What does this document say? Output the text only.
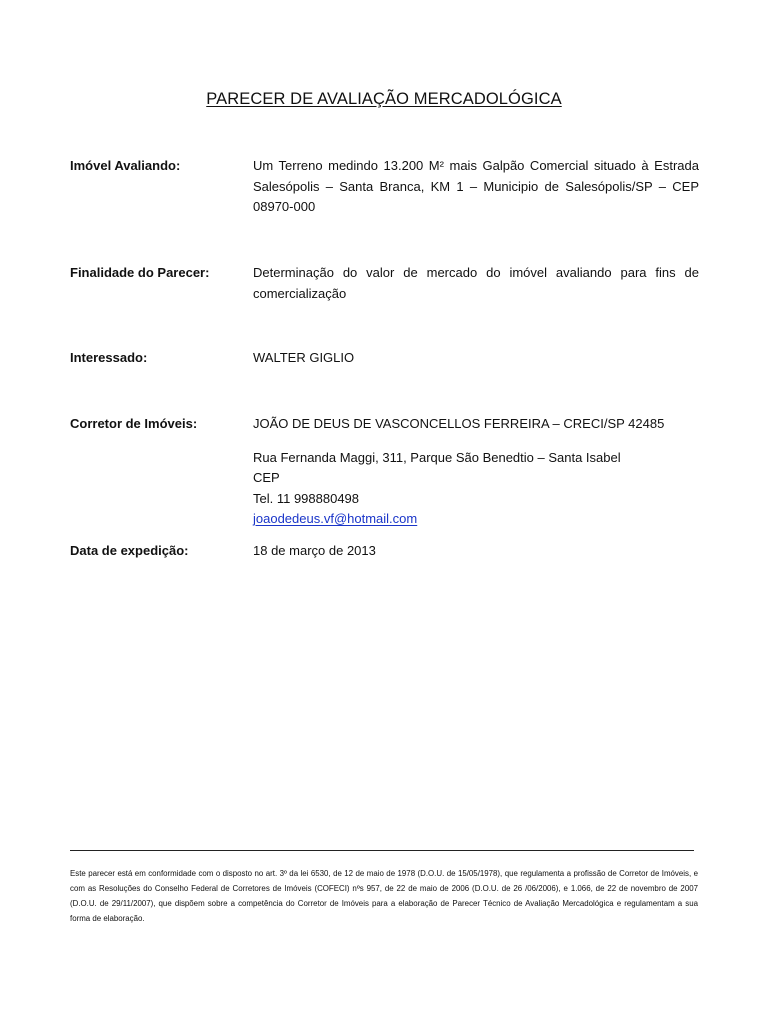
PARECER DE AVALIAÇÃO MERCADOLÓGICA
Imóvel Avaliando:	Um Terreno medindo 13.200 M² mais Galpão Comercial situado à Estrada Salesópolis – Santa Branca, KM 1 – Municipio de Salesópolis/SP – CEP 08970-000
Finalidade do Parecer:	Determinação do valor de mercado do imóvel avaliando para fins de comercialização
Interessado:	WALTER GIGLIO
Corretor de Imóveis:	JOÃO DE DEUS DE VASCONCELLOS FERREIRA – CRECI/SP 42485
Rua Fernanda Maggi, 311, Parque São Benedtio – Santa Isabel
CEP
Tel. 11 998880498
joaodedeus.vf@hotmail.com
Data de expedição:	18 de março de 2013
Este parecer está em conformidade com o disposto no art. 3º da lei 6530, de 12 de maio de 1978 (D.O.U. de 15/05/1978), que regulamenta a profissão de Corretor de Imóveis, e com as Resoluções do Conselho Federal de Corretores de Imóveis (COFECI) nºs 957, de 22 de maio de 2006 (D.O.U. de 26 /06/2006), e 1.066, de 22 de novembro de 2007 (D.O.U. de 29/11/2007), que dispõem sobre a competência do Corretor de Imóveis para a elaboração de Parecer Técnico de Avaliação Mercadológica e regulamentam a sua forma de elaboração.
